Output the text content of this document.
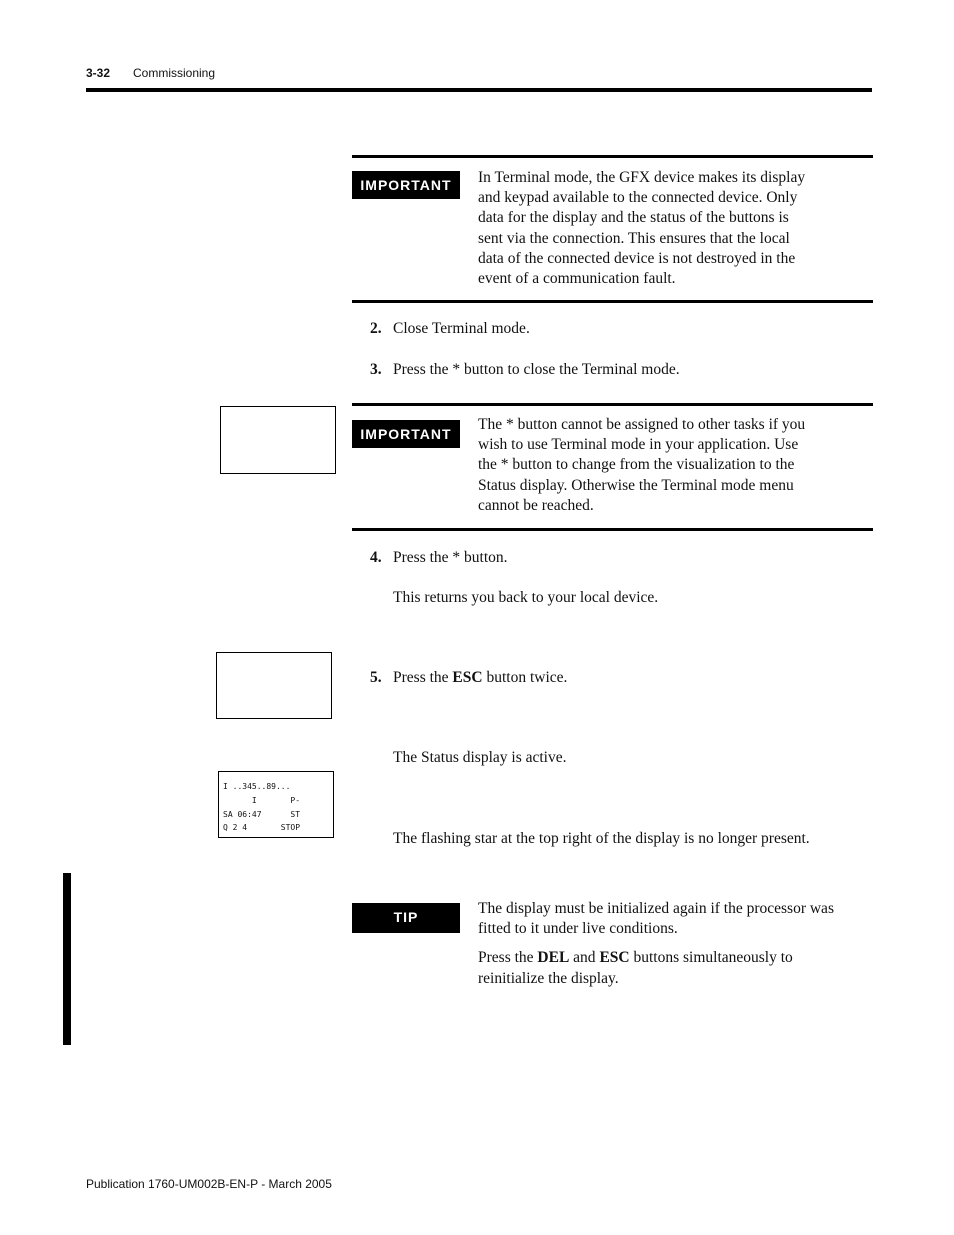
3-32 Commissioning
IMPORTANT	In Terminal mode, the GFX device makes its display

and keypad available to the connected device. Only

data for the display and the status of the buttons is

sent via the connection. This ensures that the local

data of the connected device is not destroyed in the

event of a communication fault.

2. Close Terminal mode.
3. Press the * button to close the Terminal mode.
IMPORTANT

The * button cannot be assigned to other tasks if you

wish to use Terminal mode in your application. Use

the * button to change from the visualization to the

Status display. Otherwise the Terminal mode menu

cannot be reached.

4. Press the * button.
This returns you back to your local device.
5. Press the ESC button twice.
The Status display is active.
I ..345..89...
I       P-
SA 06:47      ST
Q 2 4       STOP
The flashing star at the top right of the display is no longer present.
TIP	The display must be initialized again if the processor was

fitted to it under live conditions.

Press the DEL and ESC buttons simultaneously to

reinitialize the display.

Publication 1760-UM002B-EN-P - March 2005
